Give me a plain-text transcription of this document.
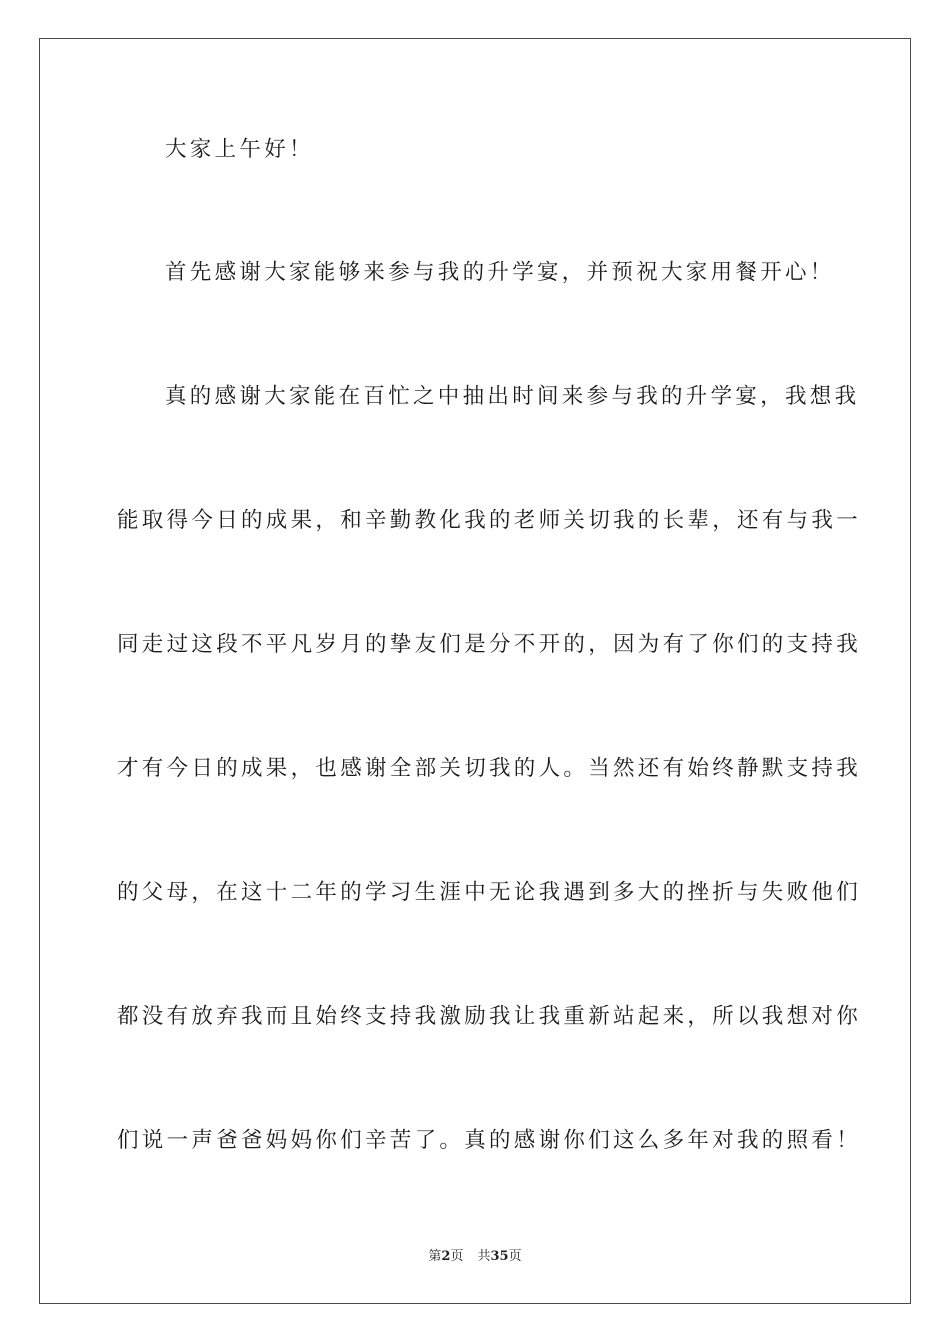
大家上午好！
首先感谢大家能够来参与我的升学宴，并预祝大家用餐开心！
真的感谢大家能在百忙之中抽出时间来参与我的升学宴，我想我
能取得今日的成果，和辛勤教化我的老师关切我的长辈，还有与我一
同走过这段不平凡岁月的挚友们是分不开的，因为有了你们的支持我
才有今日的成果，也感谢全部关切我的人。当然还有始终静默支持我
的父母，在这十二年的学习生涯中无论我遇到多大的挫折与失败他们
都没有放弃我而且始终支持我激励我让我重新站起来，所以我想对你
们说一声爸爸妈妈你们辛苦了。真的感谢你们这么多年对我的照看！
第2页 共35页
